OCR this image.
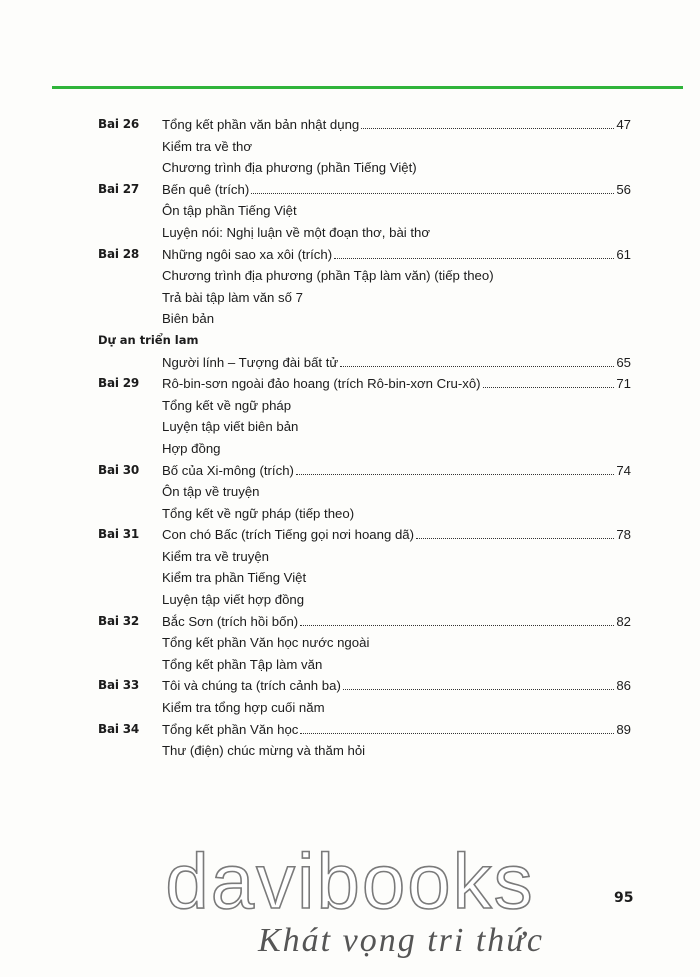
Bai 26 Tổng kết phần văn bản nhật dụng	47
Kiểm tra về thơ
Chương trình địa phương (phần Tiếng Việt)
Bai 27 Bến quê (trích)	56
Ôn tập phần Tiếng Việt
Luyện nói: Nghị luận về một đoạn thơ, bài thơ
Bai 28 Những ngôi sao xa xôi (trích)	61
Chương trình địa phương (phần Tập làm văn) (tiếp theo)
Trả bài tập làm văn số 7
Biên bản
Dự an triển lam
Người lính – Tượng đài bất tử	65
Bai 29 Rô-bin-sơn ngoài đảo hoang (trích Rô-bin-xơn Cru-xô)	71
Tổng kết về ngữ pháp
Luyện tập viết biên bản
Hợp đồng
Bai 30 Bố của Xi-mông (trích)	74
Ôn tập về truyện
Tổng kết về ngữ pháp (tiếp theo)
Bai 31 Con chó Bấc (trích Tiếng gọi nơi hoang dã)	78
Kiểm tra về truyện
Kiểm tra phần Tiếng Việt
Luyện tập viết hợp đồng
Bai 32 Bắc Sơn (trích hồi bốn)	82
Tổng kết phần Văn học nước ngoài
Tổng kết phần Tập làm văn
Bai 33 Tôi và chúng ta (trích cảnh ba)	86
Kiểm tra tổng hợp cuối năm
Bai 34 Tổng kết phần Văn học	89
Thư (điện) chúc mừng và thăm hỏi
95
davibooks
Khát vọng tri thức
